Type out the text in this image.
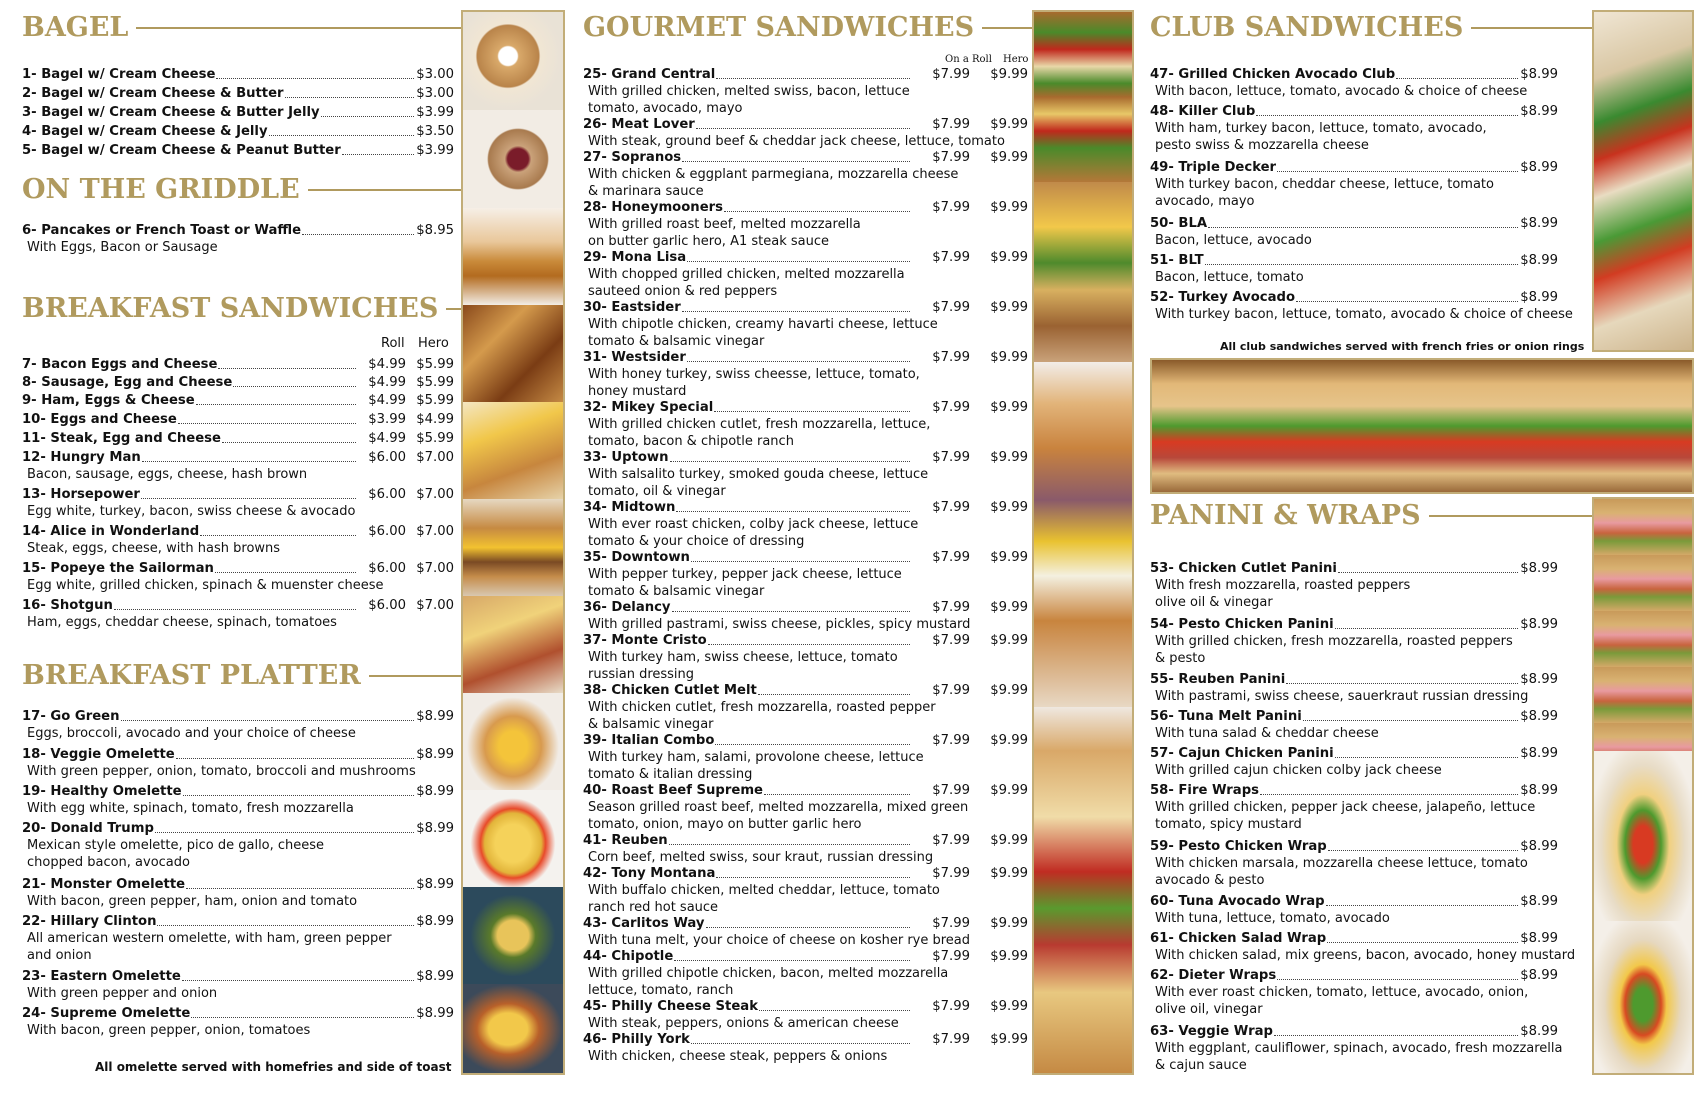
BAGEL
1- Bagel w/ Cream Cheese	$3.00
2- Bagel w/ Cream Cheese & Butter	$3.00
3- Bagel w/ Cream Cheese & Butter Jelly	$3.99
4- Bagel w/ Cream Cheese & Jelly	$3.50
5- Bagel w/ Cream Cheese & Peanut Butter	$3.99
ON THE GRIDDLE
6- Pancakes or French Toast or Waffle	$8.95
With Eggs, Bacon or Sausage
BREAKFAST SANDWICHES
Roll Hero
7- Bacon Eggs and Cheese	$4.99 $5.99
8- Sausage, Egg and Cheese	$4.99 $5.99
9- Ham, Eggs & Cheese	$4.99 $5.99
10- Eggs and Cheese	$3.99 $4.99
11- Steak, Egg and Cheese	$4.99 $5.99
12- Hungry Man	$6.00 $7.00
Bacon, sausage, eggs, cheese, hash brown
13- Horsepower	$6.00 $7.00
Egg white, turkey, bacon, swiss cheese & avocado
14- Alice in Wonderland	$6.00 $7.00
Steak, eggs, cheese, with hash browns
15- Popeye the Sailorman	$6.00 $7.00
Egg white, grilled chicken, spinach & muenster cheese
16- Shotgun	$6.00 $7.00
Ham, eggs, cheddar cheese, spinach, tomatoes
BREAKFAST PLATTER
17- Go Green	$8.99
Eggs, broccoli, avocado and your choice of cheese
18- Veggie Omelette	$8.99
With green pepper, onion, tomato, broccoli and mushrooms
19- Healthy Omelette	$8.99
With egg white, spinach, tomato, fresh mozzarella
20- Donald Trump	$8.99
Mexican style omelette, pico de gallo, cheese
chopped bacon, avocado
21- Monster Omelette	$8.99
With bacon, green pepper, ham, onion and tomato
22- Hillary Clinton	$8.99
All american western omelette, with ham, green pepper
and onion
23- Eastern Omelette	$8.99
With green pepper and onion
24- Supreme Omelette	$8.99
With bacon, green pepper, onion, tomatoes
All omelette served with homefries and side of toast
GOURMET SANDWICHES
On a Roll Hero
25- Grand Central	$7.99	$9.99
With grilled chicken, melted swiss, bacon, lettuce
tomato, avocado, mayo
26- Meat Lover	$7.99	$9.99
With steak, ground beef & cheddar jack cheese, lettuce, tomato
27- Sopranos	$7.99	$9.99
With chicken & eggplant parmegiana, mozzarella cheese
& marinara sauce
28- Honeymooners	$7.99	$9.99
With grilled roast beef, melted mozzarella
on butter garlic hero, A1 steak sauce
29- Mona Lisa	$7.99	$9.99
With chopped grilled chicken, melted mozzarella
sauteed onion & red peppers
30- Eastsider	$7.99	$9.99
With chipotle chicken, creamy havarti cheese, lettuce
tomato & balsamic vinegar
31- Westsider	$7.99	$9.99
With honey turkey, swiss cheesse, lettuce, tomato,
honey mustard
32- Mikey Special	$7.99	$9.99
With grilled chicken cutlet, fresh mozzarella, lettuce,
tomato, bacon & chipotle ranch
33- Uptown	$7.99	$9.99
With salsalito turkey, smoked gouda cheese, lettuce
tomato, oil & vinegar
34- Midtown	$7.99	$9.99
With ever roast chicken, colby jack cheese, lettuce
tomato & your choice of dressing
35- Downtown	$7.99	$9.99
With pepper turkey, pepper jack cheese, lettuce
tomato & balsamic vinegar
36- Delancy	$7.99	$9.99
With grilled pastrami, swiss cheese, pickles, spicy mustard
37- Monte Cristo	$7.99	$9.99
With turkey ham, swiss cheese, lettuce, tomato
russian dressing
38- Chicken Cutlet Melt	$7.99	$9.99
With chicken cutlet, fresh mozzarella, roasted pepper
& balsamic vinegar
39- Italian Combo	$7.99	$9.99
With turkey ham, salami, provolone cheese, lettuce
tomato & italian dressing
40- Roast Beef Supreme	$7.99	$9.99
Season grilled roast beef, melted mozzarella, mixed green
tomato, onion, mayo on butter garlic hero
41- Reuben	$7.99	$9.99
Corn beef, melted swiss, sour kraut, russian dressing
42- Tony Montana	$7.99	$9.99
With buffalo chicken, melted cheddar, lettuce, tomato
ranch red hot sauce
43- Carlitos Way	$7.99	$9.99
With tuna melt, your choice of cheese on kosher rye bread
44- Chipotle	$7.99	$9.99
With grilled chipotle chicken, bacon, melted mozzarella
lettuce, tomato, ranch
45- Philly Cheese Steak	$7.99	$9.99
With steak, peppers, onions & american cheese
46- Philly York	$7.99	$9.99
With chicken, cheese steak, peppers & onions
CLUB SANDWICHES
47- Grilled Chicken Avocado Club	$8.99
With bacon, lettuce, tomato, avocado & choice of cheese
48- Killer Club	$8.99
With ham, turkey bacon, lettuce, tomato, avocado,
pesto swiss & mozzarella cheese
49- Triple Decker	$8.99
With turkey bacon, cheddar cheese, lettuce, tomato
avocado, mayo
50- BLA	$8.99
Bacon, lettuce, avocado
51- BLT	$8.99
Bacon, lettuce, tomato
52- Turkey Avocado	$8.99
With turkey bacon, lettuce, tomato, avocado & choice of cheese
All club sandwiches served with french fries or onion rings
PANINI & WRAPS
53- Chicken Cutlet Panini	$8.99
With fresh mozzarella, roasted peppers
olive oil & vinegar
54- Pesto Chicken Panini	$8.99
With grilled chicken, fresh mozzarella, roasted peppers
& pesto
55- Reuben Panini	$8.99
With pastrami, swiss cheese, sauerkraut russian dressing
56- Tuna Melt Panini	$8.99
With tuna salad & cheddar cheese
57- Cajun Chicken Panini	$8.99
With grilled cajun chicken colby jack cheese
58- Fire Wraps	$8.99
With grilled chicken, pepper jack cheese, jalapeño, lettuce
tomato, spicy mustard
59- Pesto Chicken Wrap	$8.99
With chicken marsala, mozzarella cheese lettuce, tomato
avocado & pesto
60- Tuna Avocado Wrap	$8.99
With tuna, lettuce, tomato, avocado
61- Chicken Salad Wrap	$8.99
With chicken salad, mix greens, bacon, avocado, honey mustard
62- Dieter Wraps	$8.99
With ever roast chicken, tomato, lettuce, avocado, onion,
olive oil, vinegar
63- Veggie Wrap	$8.99
With eggplant, cauliflower, spinach, avocado, fresh mozzarella
& cajun sauce
